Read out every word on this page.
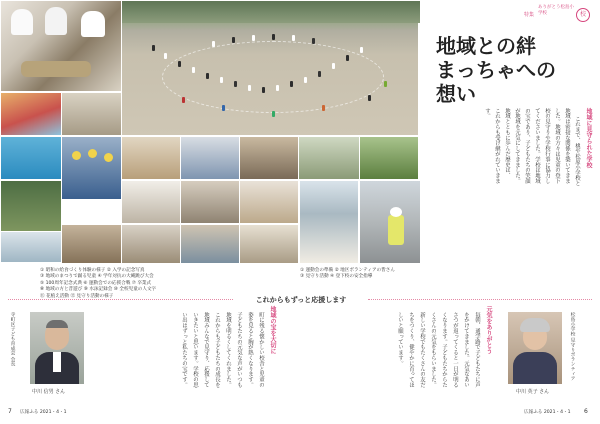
① 昭和の給食づくり体験の様子 ② 入学の記念写真
③ 地域のまつりで踊る児童 ④ 学年対抗の大縄跳び大会
⑤ 100周年記念式典 ⑥ 運動会での応援合戦 ⑦ 卒業式
⑧ 地域の方と昔遊び ⑨ 水泳記録会 ⑩ 全校児童の人文字
⑪ 花植え活動 ⑫ 見守り活動の様子
① 運動会の準備 ② 地区ボランティアの皆さん
③ 見守り活動 ④ 登下校の安全指導
特集
ありがとう松島小学校	校
地域との絆
まっちゃへの
想い
地域に見守られた学校
これまで、桃や松原小学校と
地域は密接な関係を築いてきま
した。地域の方々は児童の登下
校の見守りや学校行事に協力し
てくださいました。学校は地域
の宝であり、子どもたちの笑顔
が地域を元気にしてきました。
地域とともに歩んだ歴史は、
これからも受け継がれていきま
す。
これからもずっと応援します
寺町区子ども育成会 会長
中川 信男 さん
地域の宝を大切に
町に残る懐かしい校舎と児童の
姿を見ると胸が熱くなります。
子どもたちの元気な声がいつも
地域を明るくしてくれました。
これからも子どもたちの成長を
地域みんなで見守り、応援して
いきたいと思います。学校の思
い出はずっと私たちの宝です。	元気をありがとう
毎朝、通学路で子どもたちに声
をかけてきました。元気なあい
さつが返ってくると一日が明る
くなります。子どもたちからた
くさんの元気をもらいました。
新しい学校でもたくさんの友だ
ちをつくり、健やかに育ってほ
しいと願っています。	松島小学校 見守りボランティア
中川 英子 さん
7 広報ふる 2021・4・1	広報ふる 2021・4・1 6
